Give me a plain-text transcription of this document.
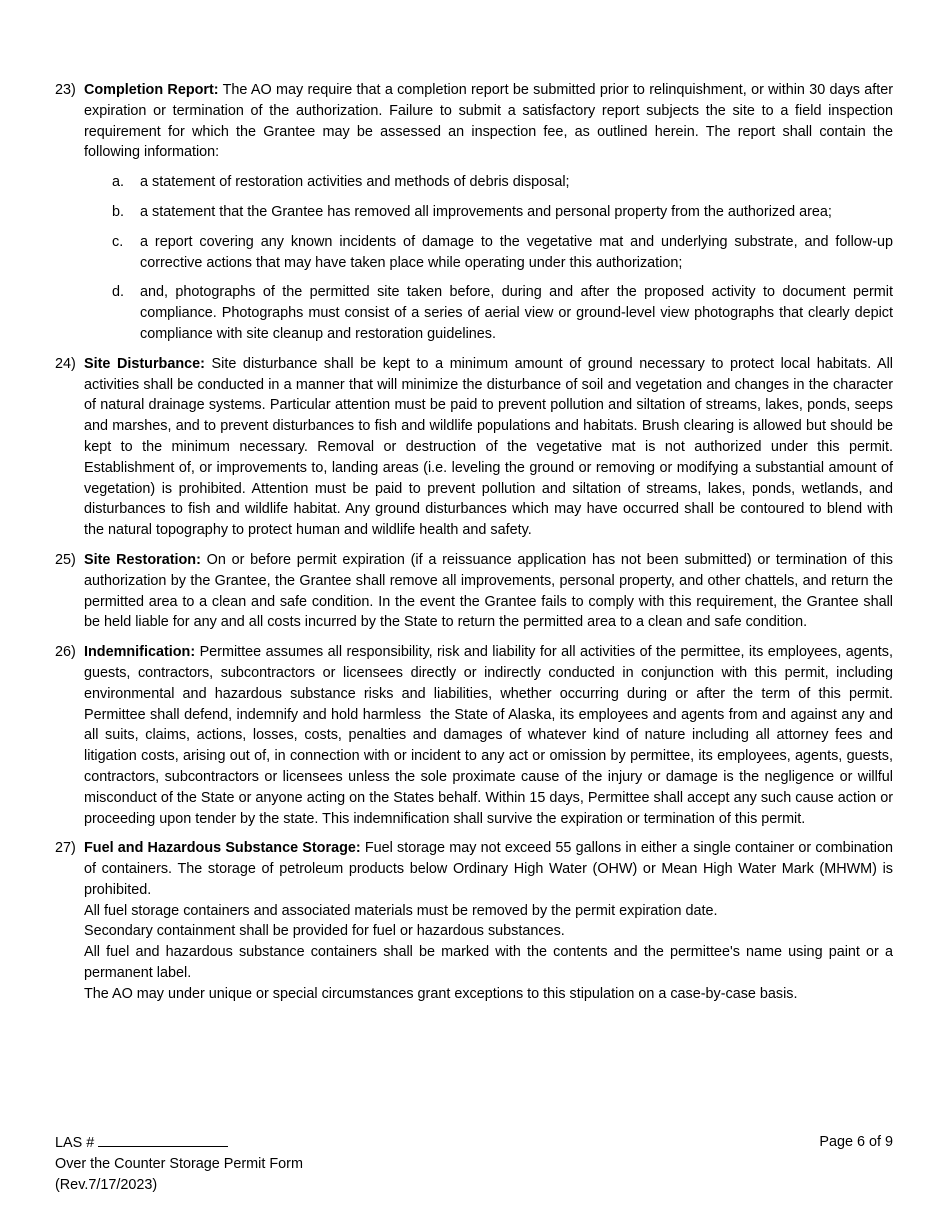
23) Completion Report: The AO may require that a completion report be submitted prior to relinquishment, or within 30 days after expiration or termination of the authorization. Failure to submit a satisfactory report subjects the site to a field inspection requirement for which the Grantee may be assessed an inspection fee, as outlined herein. The report shall contain the following information:

a. a statement of restoration activities and methods of debris disposal;
b. a statement that the Grantee has removed all improvements and personal property from the authorized area;
c. a report covering any known incidents of damage to the vegetative mat and underlying substrate, and follow-up corrective actions that may have taken place while operating under this authorization;
d. and, photographs of the permitted site taken before, during and after the proposed activity to document permit compliance. Photographs must consist of a series of aerial view or ground-level view photographs that clearly depict compliance with site cleanup and restoration guidelines.
24) Site Disturbance: Site disturbance shall be kept to a minimum amount of ground necessary to protect local habitats. All activities shall be conducted in a manner that will minimize the disturbance of soil and vegetation and changes in the character of natural drainage systems. Particular attention must be paid to prevent pollution and siltation of streams, lakes, ponds, seeps and marshes, and to prevent disturbances to fish and wildlife populations and habitats. Brush clearing is allowed but should be kept to the minimum necessary. Removal or destruction of the vegetative mat is not authorized under this permit. Establishment of, or improvements to, landing areas (i.e. leveling the ground or removing or modifying a substantial amount of vegetation) is prohibited. Attention must be paid to prevent pollution and siltation of streams, lakes, ponds, wetlands, and disturbances to fish and wildlife habitat. Any ground disturbances which may have occurred shall be contoured to blend with the natural topography to protect human and wildlife health and safety.

25) Site Restoration: On or before permit expiration (if a reissuance application has not been submitted) or termination of this authorization by the Grantee, the Grantee shall remove all improvements, personal property, and other chattels, and return the permitted area to a clean and safe condition. In the event the Grantee fails to comply with this requirement, the Grantee shall be held liable for any and all costs incurred by the State to return the permitted area to a clean and safe condition.

26) Indemnification: Permittee assumes all responsibility, risk and liability for all activities of the permittee, its employees, agents, guests, contractors, subcontractors or licensees directly or indirectly conducted in conjunction with this permit, including environmental and hazardous substance risks and liabilities, whether occurring during or after the term of this permit.  Permittee shall defend, indemnify and hold harmless  the State of Alaska, its employees and agents from and against any and all suits, claims, actions, losses, costs, penalties and damages of whatever kind of nature including all attorney fees and litigation costs, arising out of, in connection with or incident to any act or omission by permittee, its employees, agents, guests, contractors, subcontractors or licensees unless the sole proximate cause of the injury or damage is the negligence or willful misconduct of the State or anyone acting on the States behalf. Within 15 days, Permittee shall accept any such cause action or proceeding upon tender by the state. This indemnification shall survive the expiration or termination of this permit.

27) Fuel and Hazardous Substance Storage: Fuel storage may not exceed 55 gallons in either a single container or combination of containers. The storage of petroleum products below Ordinary High Water (OHW) or Mean High Water Mark (MHWM) is prohibited.

All fuel storage containers and associated materials must be removed by the permit expiration date.

Secondary containment shall be provided for fuel or hazardous substances.

All fuel and hazardous substance containers shall be marked with the contents and the permittee's name using paint or a permanent label.

The AO may under unique or special circumstances grant exceptions to this stipulation on a case-by-case basis.

LAS #
Over the Counter Storage Permit Form
(Rev.7/17/2023)
Page 6 of 9
